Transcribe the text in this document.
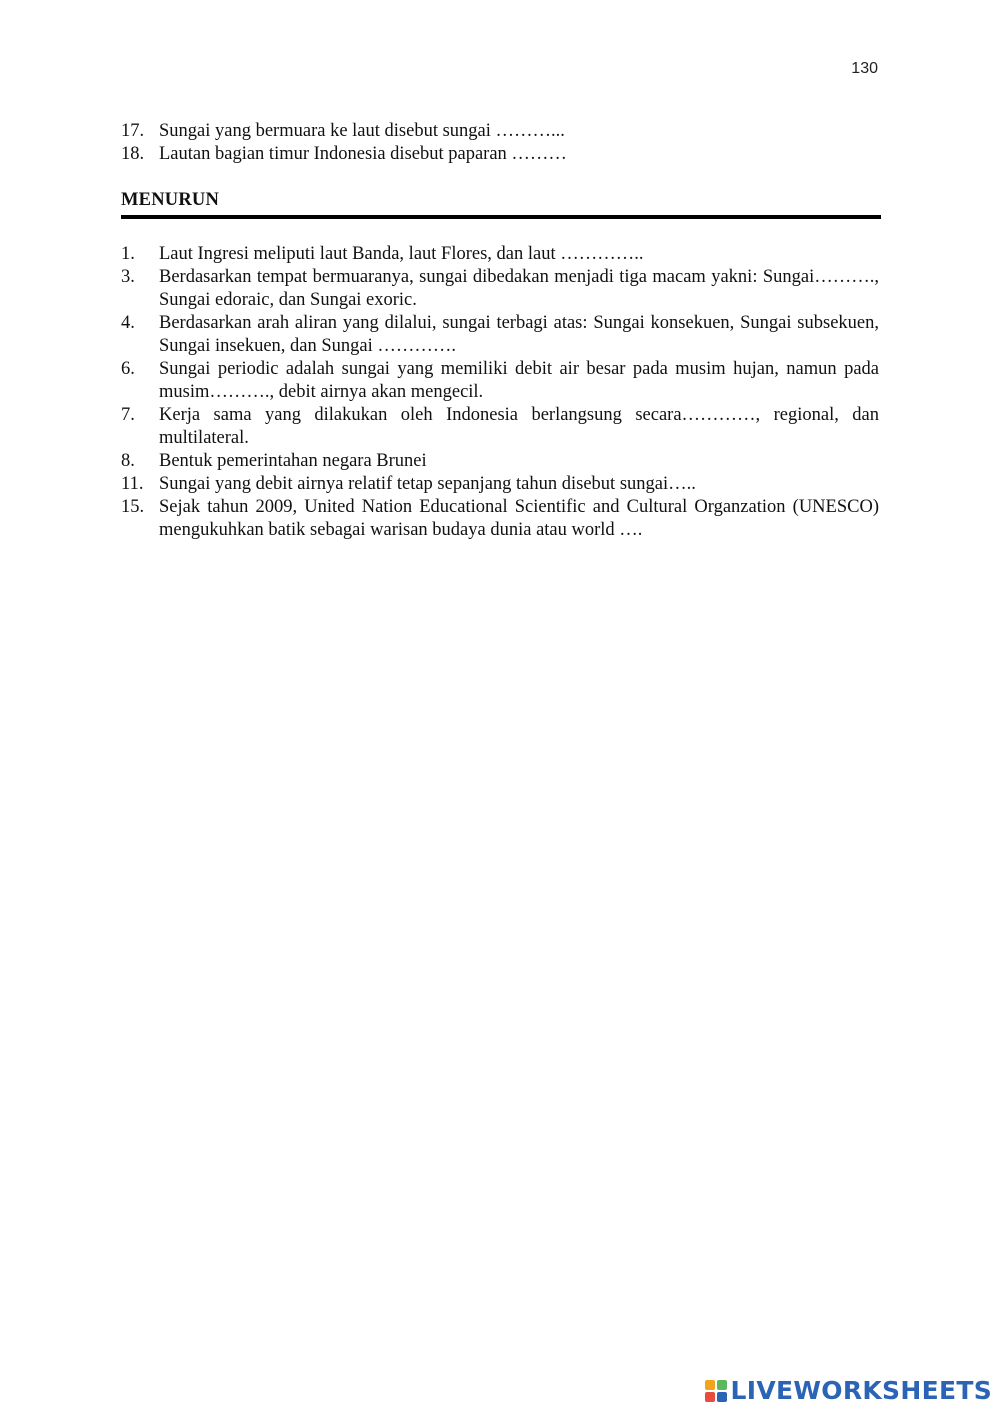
130
17. Sungai yang bermuara ke laut disebut sungai ………...
18. Lautan bagian timur Indonesia disebut paparan ………
MENURUN
1.	Laut Ingresi meliputi laut Banda, laut Flores, dan laut …………..
3.	Berdasarkan tempat bermuaranya, sungai dibedakan menjadi tiga macam yakni: Sungai………., Sungai edoraic, dan Sungai exoric.
4.	Berdasarkan arah aliran yang dilalui, sungai terbagi atas: Sungai konsekuen, Sungai subsekuen, Sungai insekuen, dan Sungai ………….
6.	Sungai periodic adalah sungai yang memiliki debit air besar pada musim hujan, namun pada musim………., debit airnya akan mengecil.
7.	Kerja sama yang dilakukan oleh Indonesia berlangsung secara…………, regional, dan multilateral.
8.	Bentuk pemerintahan negara Brunei
11. Sungai yang debit airnya relatif tetap sepanjang tahun disebut sungai…..
15. Sejak tahun 2009, United Nation Educational Scientific and Cultural Organzation (UNESCO) mengukuhkan batik sebagai warisan budaya dunia atau world ….
LIVEWORKSHEETS
